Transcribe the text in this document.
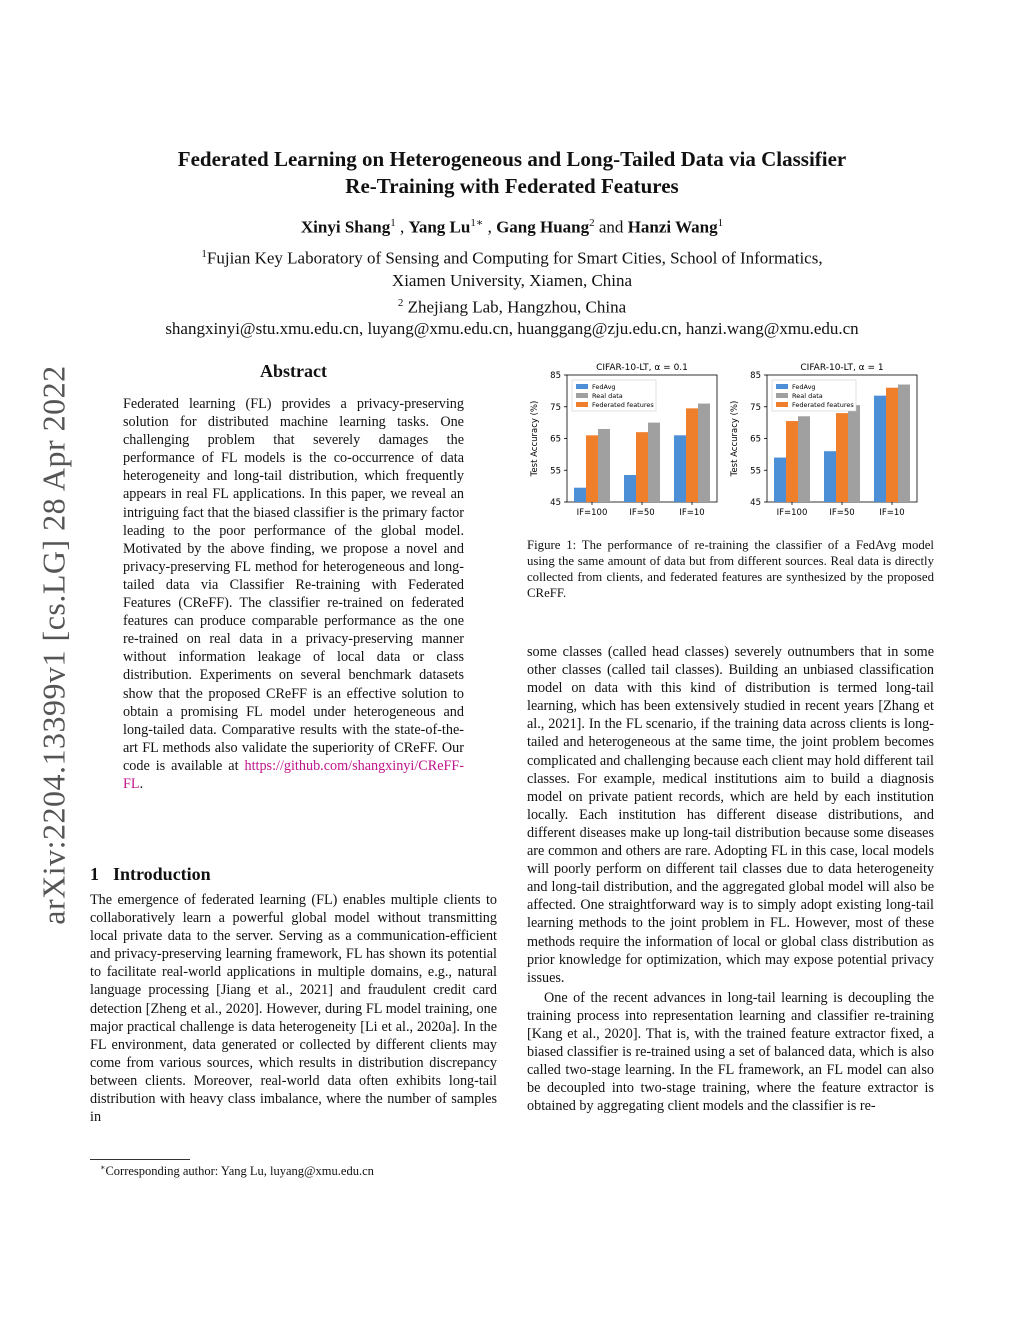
Federated Learning on Heterogeneous and Long-Tailed Data via Classifier
Re-Training with Federated Features
Xinyi Shang$^1$ , Yang $Lu^{1∗}$ , Gang Huang$^2$ and Hanzi Wang$^1$
$^1$Fujian Key Laboratory of Sensing and Computing for Smart Cities, School of Informatics,
Xiamen University, Xiamen, China
$^2$ Zhejiang Lab, Hangzhou, China
shangxinyi@stu.xmu.edu.cn, luyang@xmu.edu.cn, huanggang@zju.edu.cn, hanzi.wang@xmu.edu.cn
arXiv:2204.13399v1 [cs.LG] 28 Apr 2022	Abstract
Federated learning (FL) provides a privacy-preserving solution for distributed machine learning tasks. One challenging problem that severely damages the performance of FL models is the co-occurrence of data heterogeneity and long-tail distribution, which frequently appears in real FL applications. In this paper, we reveal an intriguing fact that the biased classifier is the primary factor leading to the poor performance of the global model. Motivated by the above finding, we propose a novel and privacy-preserving FL method for heterogeneous and long-tailed data via Classifier Re-training with Federated Features (CReFF). The classifier re-trained on federated features can produce comparable performance as the one re-trained on real data in a privacy-preserving manner without information leakage of local data or class distribution. Experiments on several benchmark datasets show that the proposed CReFF is an effective solution to obtain a promising FL model under heterogeneous and long-tailed data. Comparative results with the state-of-the-art FL methods also validate the superiority of CReFF. Our code is available at https://github.com/shangxinyi/CReFF-FL.
1 Introduction
The emergence of federated learning (FL) enables multiple clients to collaboratively learn a powerful global model without transmitting local private data to the server. Serving as a communication-efficient and privacy-preserving learning framework, FL has shown its potential to facilitate real-world applications in multiple domains, e.g., natural language processing [Jiang et al., 2021] and fraudulent credit card detection [Zheng et al., 2020]. However, during FL model training, one major practical challenge is data heterogeneity [Li et al., 2020a]. In the FL environment, data generated or collected by different clients may come from various sources, which results in distribution discrepancy between clients. Moreover, real-world data often exhibits long-tail distribution with heavy class imbalance, where the number of samples in
∗Corresponding author: Yang Lu, luyang@xmu.edu.cn
CIFAR-10-LT, α = 0.1
45
55
65
75
85
Test Accuracy (%)
IF=100	IF=50	IF=10
FedAvg
Real data
Federated features
CIFAR-10-LT, α = 1
45
55
65
75
85
Test Accuracy (%)
IF=100	IF=50	IF=10
FedAvg
Real data
Federated features
Figure 1: The performance of re-training the classifier of a FedAvg model using the same amount of data but from different sources. Real data is directly collected from clients, and federated features are synthesized by the proposed CReFF.

some classes (called head classes) severely outnumbers that in some other classes (called tail classes). Building an unbiased classification model on data with this kind of distribution is termed long-tail learning, which has been extensively studied in recent years [Zhang et al., 2021]. In the FL scenario, if the training data across clients is long-tailed and heterogeneous at the same time, the joint problem becomes complicated and challenging because each client may hold different tail classes. For example, medical institutions aim to build a diagnosis model on private patient records, which are held by each institution locally. Each institution has different disease distributions, and different diseases make up long-tail distribution because some diseases are common and others are rare. Adopting FL in this case, local models will poorly perform on different tail classes due to data heterogeneity and long-tail distribution, and the aggregated global model will also be affected. One straightforward way is to simply adopt existing long-tail learning methods to the joint problem in FL. However, most of these methods require the information of local or global class distribution as prior knowledge for optimization, which may expose potential privacy issues.

One of the recent advances in long-tail learning is decoupling the training process into representation learning and classifier re-training [Kang et al., 2020]. That is, with the trained feature extractor fixed, a biased classifier is re-trained using a set of balanced data, which is also called two-stage learning. In the FL framework, an FL model can also be decoupled into two-stage training, where the feature extractor is obtained by aggregating client models and the classifier is re-
